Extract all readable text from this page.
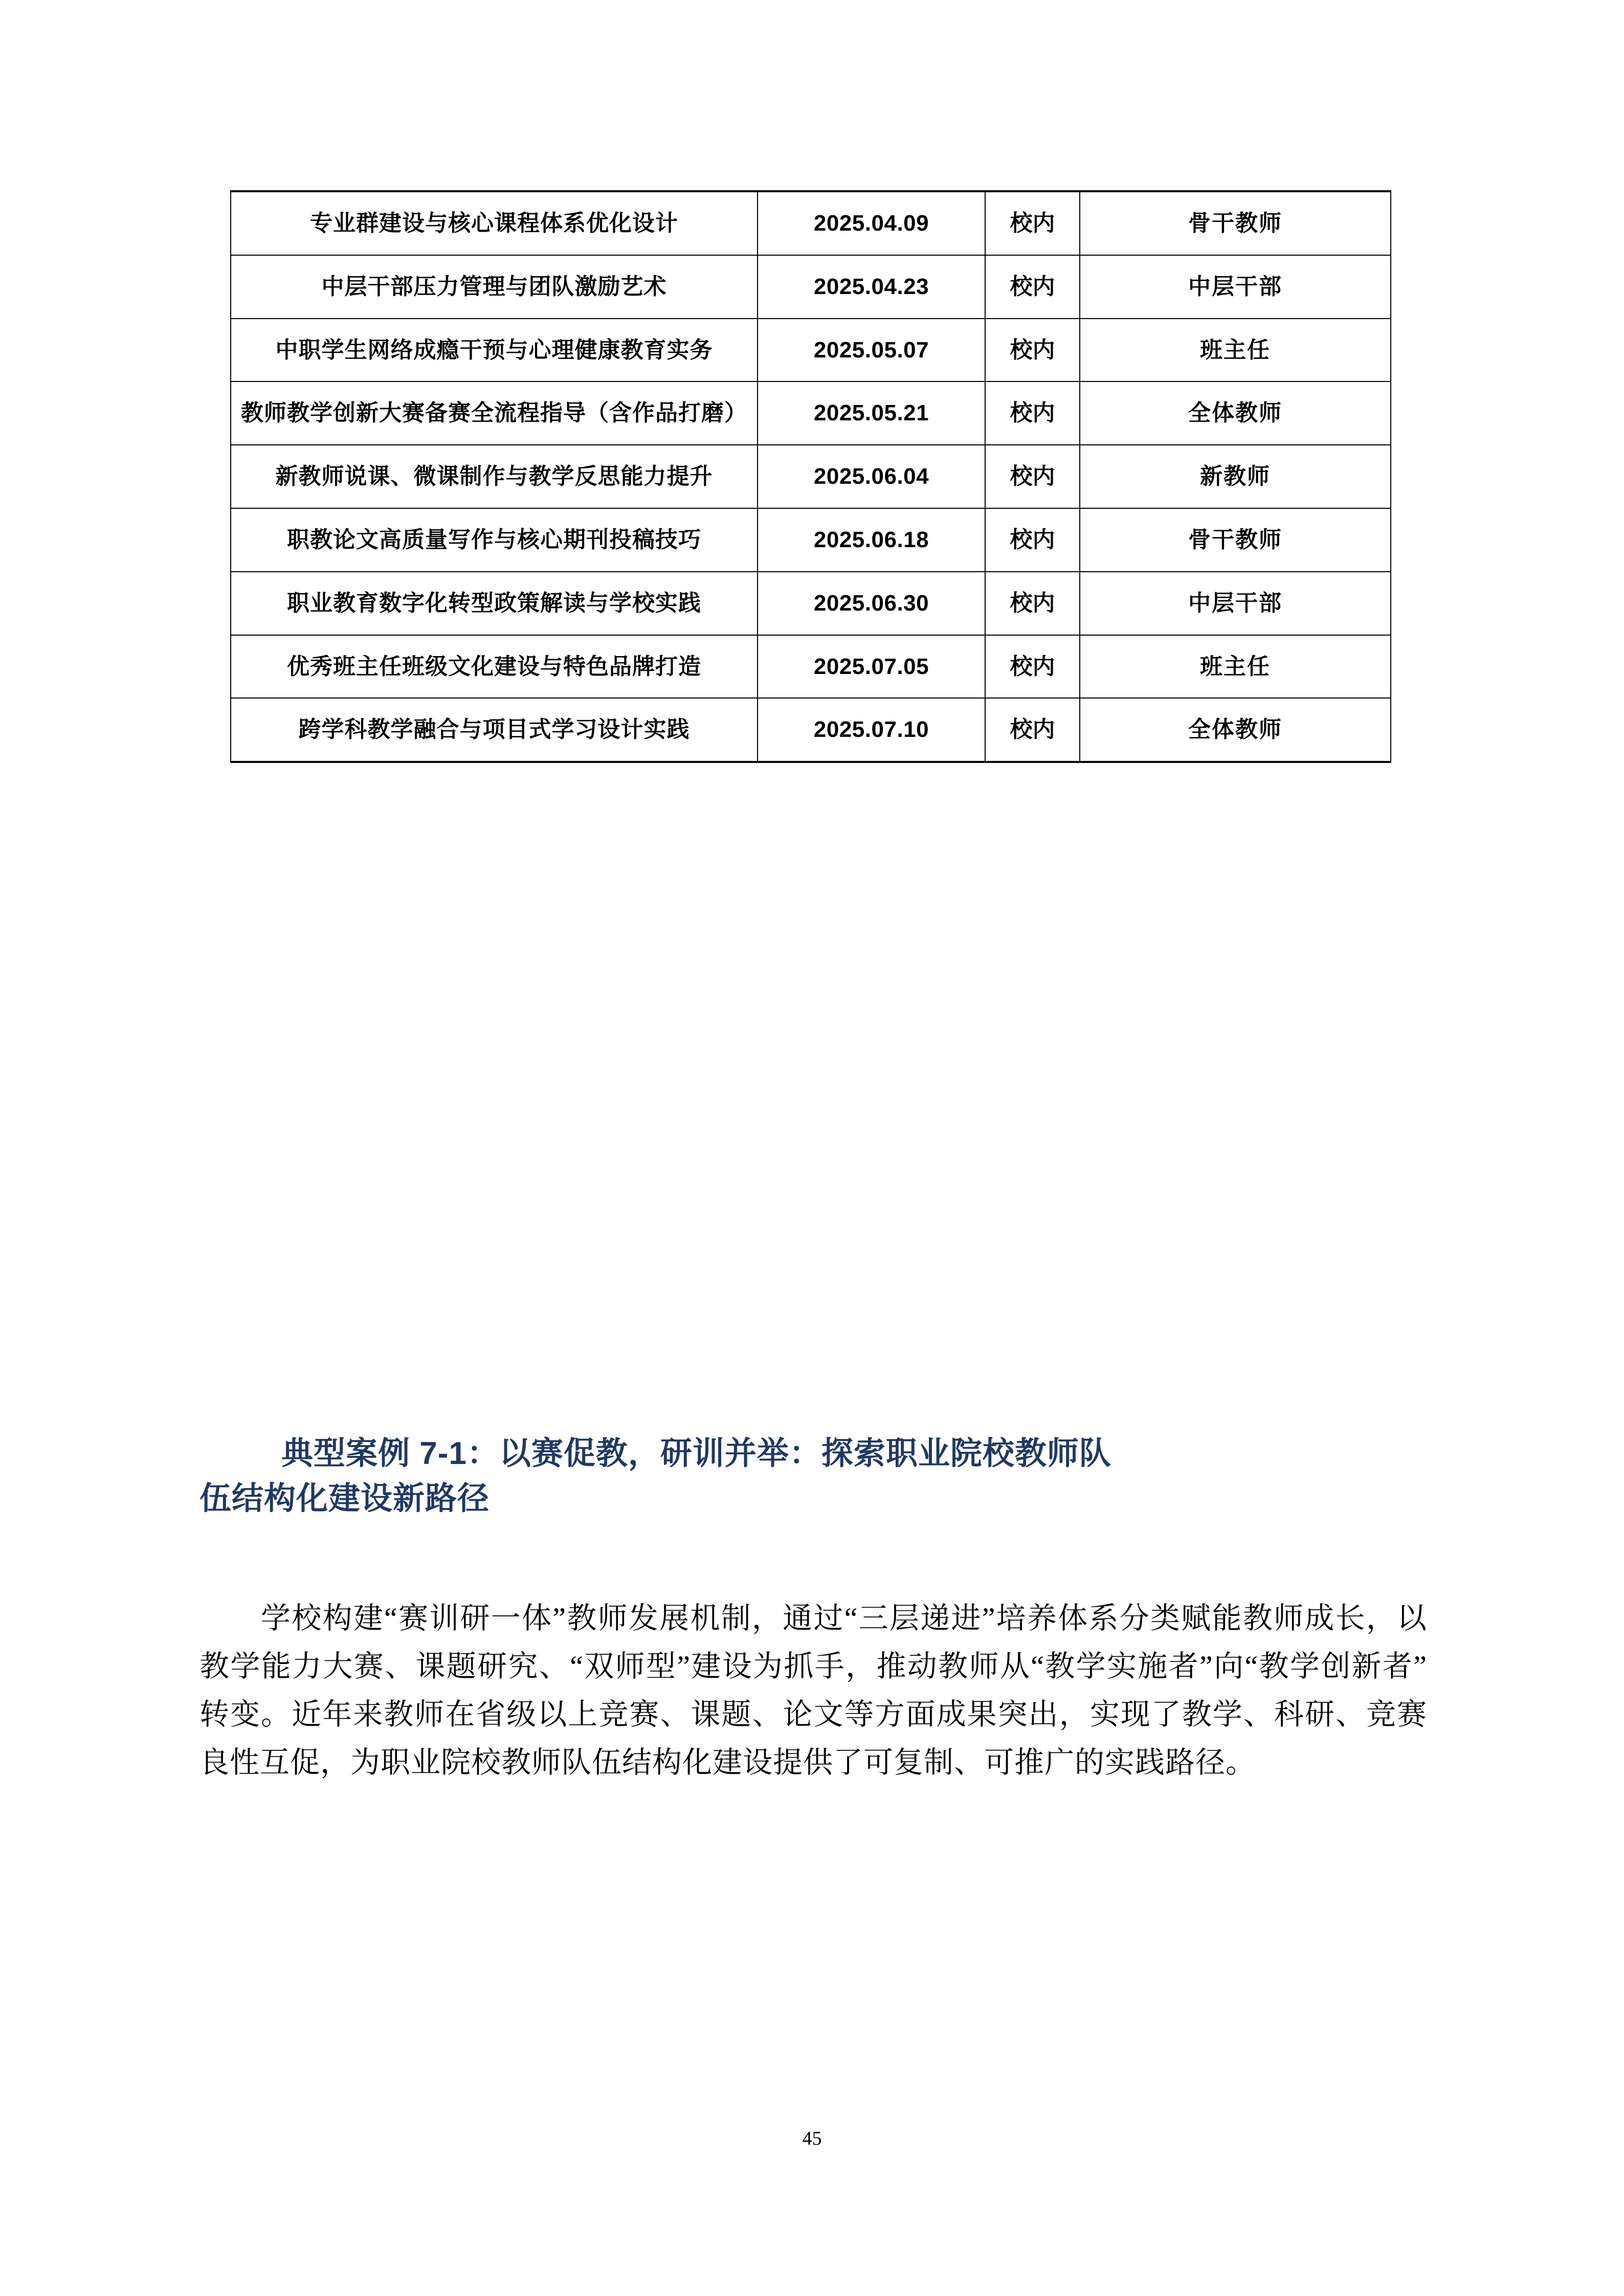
专业群建设与核心课程体系优化设计	2025.04.09	校内	骨干教师
中层干部压力管理与团队激励艺术	2025.04.23	校内	中层干部
中职学生网络成瘾干预与心理健康教育实务	2025.05.07	校内	班主任
教师教学创新大赛备赛全流程指导（含作品打磨）	2025.05.21	校内	全体教师
新教师说课、微课制作与教学反思能力提升	2025.06.04	校内	新教师
职教论文高质量写作与核心期刊投稿技巧	2025.06.18	校内	骨干教师
职业教育数字化转型政策解读与学校实践	2025.06.30	校内	中层干部
优秀班主任班级文化建设与特色品牌打造	2025.07.05	校内	班主任
跨学科教学融合与项目式学习设计实践	2025.07.10	校内	全体教师
典型案例 7-1：以赛促教，研训并举：探索职业院校教师队
伍结构化建设新路径

学校构建“赛训研一体”教师发展机制，通过“三层递进”培养体系分类赋能教师成长，以教学能力大赛、课题研究、“双师型”建设为抓手，推动教师从“教学实施者”向“教学创新者”转变。近年来教师在省级以上竞赛、课题、论文等方面成果突出，实现了教学、科研、竞赛良性互促，为职业院校教师队伍结构化建设提供了可复制、可推广的实践路径。

45
